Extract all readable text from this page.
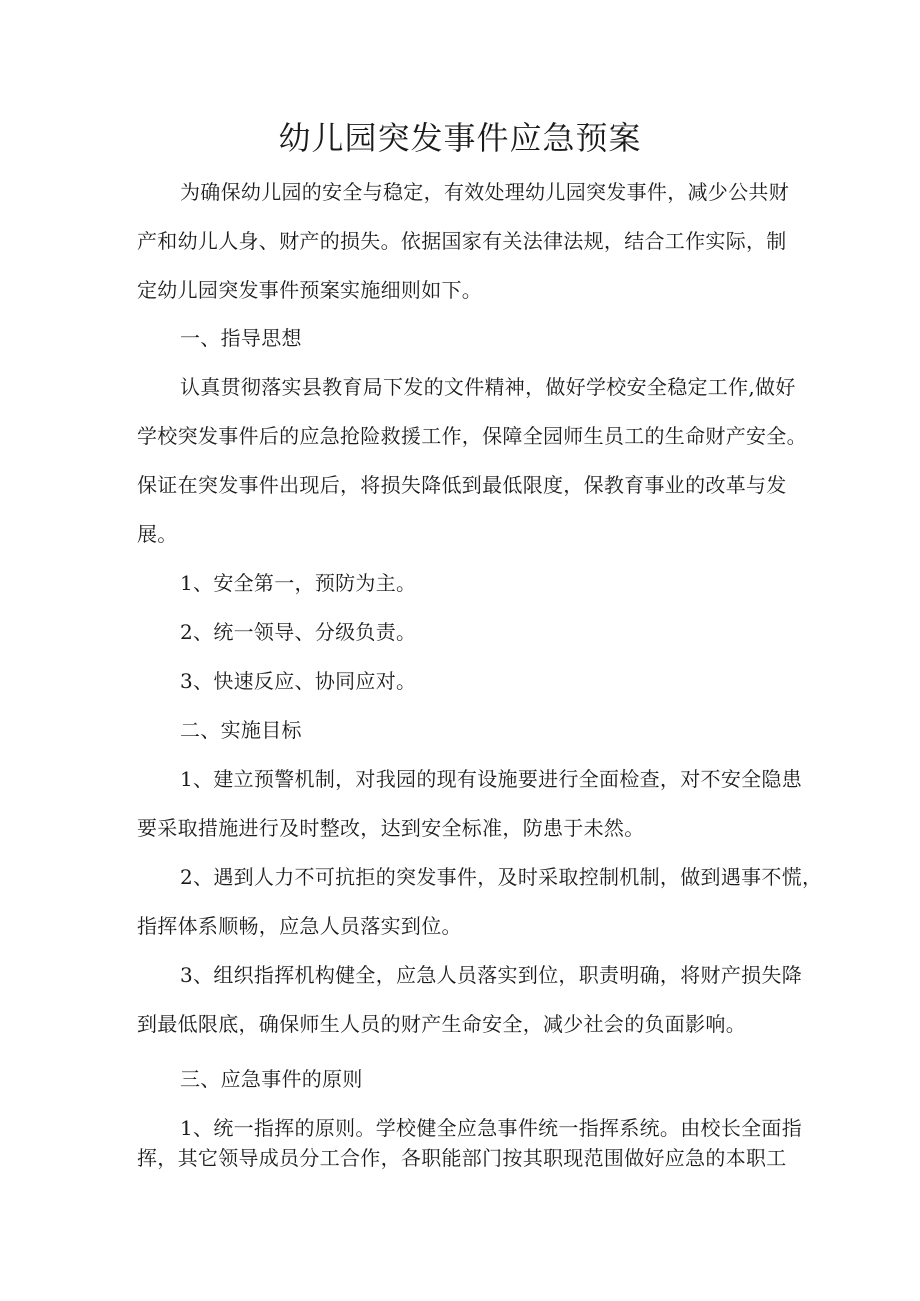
幼儿园突发事件应急预案
为确保幼儿园的安全与稳定，有效处理幼儿园突发事件，减少公共财
产和幼儿人身、财产的损失。依据国家有关法律法规，结合工作实际，制
定幼儿园突发事件预案实施细则如下。
一、指导思想
认真贯彻落实县教育局下发的文件精神，做好学校安全稳定工作,做好
学校突发事件后的应急抢险救援工作，保障全园师生员工的生命财产安全。
保证在突发事件出现后，将损失降低到最低限度，保教育事业的改革与发
展。
1、安全第一，预防为主。
2、统一领导、分级负责。
3、快速反应、协同应对。
二、实施目标
1、建立预警机制，对我园的现有设施要进行全面检查，对不安全隐患
要采取措施进行及时整改，达到安全标准，防患于未然。
2、遇到人力不可抗拒的突发事件，及时采取控制机制，做到遇事不慌，
指挥体系顺畅，应急人员落实到位。
3、组织指挥机构健全，应急人员落实到位，职责明确，将财产损失降
到最低限底，确保师生人员的财产生命安全，减少社会的负面影响。
三、应急事件的原则
1、统一指挥的原则。学校健全应急事件统一指挥系统。由校长全面指
挥，其它领导成员分工合作，各职能部门按其职现范围做好应急的本职工
